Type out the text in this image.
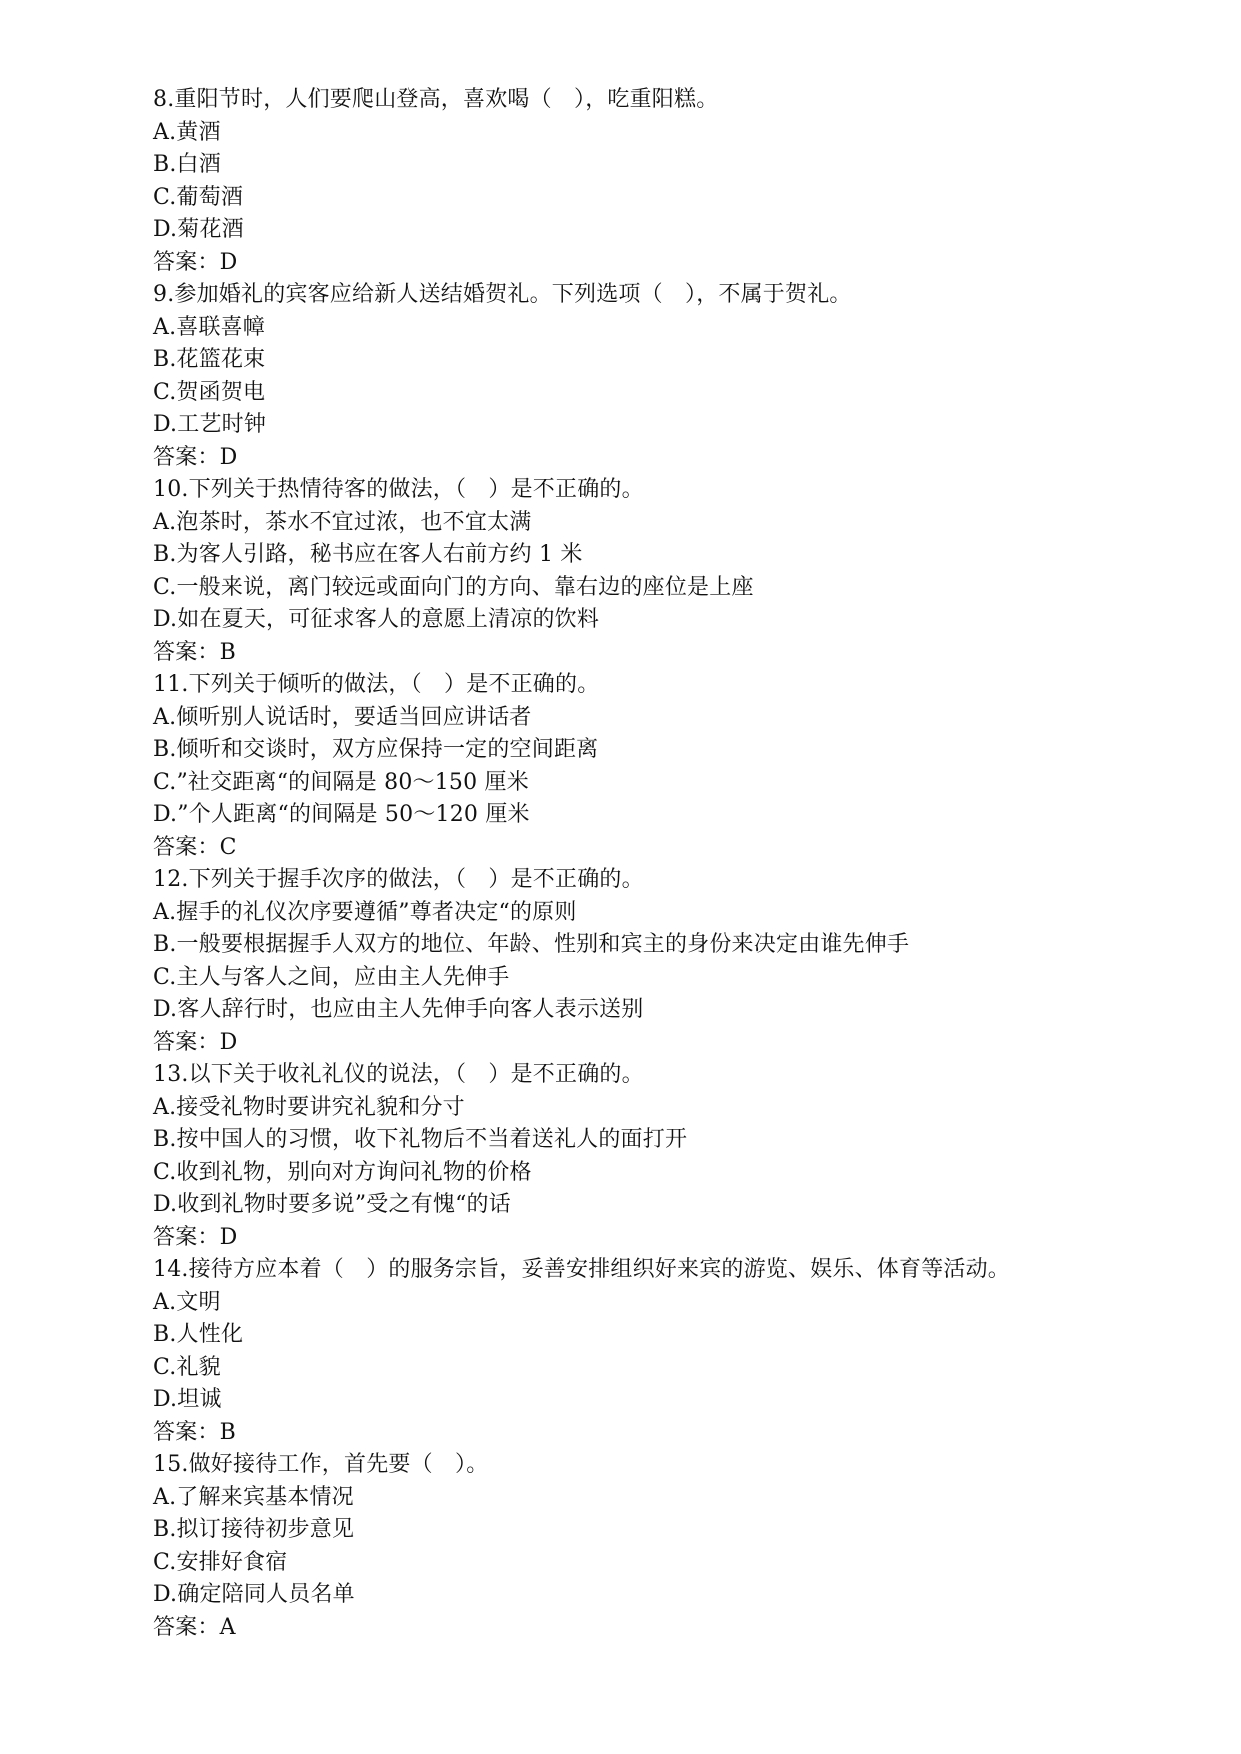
8.重阳节时，人们要爬山登高，喜欢喝（　），吃重阳糕。
A.黄酒
B.白酒
C.葡萄酒
D.菊花酒
答案：D
9.参加婚礼的宾客应给新人送结婚贺礼。下列选项（　），不属于贺礼。
A.喜联喜幛
B.花篮花束
C.贺函贺电
D.工艺时钟
答案：D
10.下列关于热情待客的做法，（　）是不正确的。
A.泡茶时，茶水不宜过浓，也不宜太满
B.为客人引路，秘书应在客人右前方约 1 米
C.一般来说，离门较远或面向门的方向、靠右边的座位是上座
D.如在夏天，可征求客人的意愿上清凉的饮料
答案：B
11.下列关于倾听的做法，（　）是不正确的。
A.倾听别人说话时，要适当回应讲话者
B.倾听和交谈时，双方应保持一定的空间距离
C.”社交距离“的间隔是 80～150 厘米
D.”个人距离“的间隔是 50～120 厘米
答案：C
12.下列关于握手次序的做法，（　）是不正确的。
A.握手的礼仪次序要遵循”尊者决定“的原则
B.一般要根据握手人双方的地位、年龄、性别和宾主的身份来决定由谁先伸手
C.主人与客人之间，应由主人先伸手
D.客人辞行时，也应由主人先伸手向客人表示送别
答案：D
13.以下关于收礼礼仪的说法，（　）是不正确的。
A.接受礼物时要讲究礼貌和分寸
B.按中国人的习惯，收下礼物后不当着送礼人的面打开
C.收到礼物，别向对方询问礼物的价格
D.收到礼物时要多说”受之有愧“的话
答案：D
14.接待方应本着（　）的服务宗旨，妥善安排组织好来宾的游览、娱乐、体育等活动。
A.文明
B.人性化
C.礼貌
D.坦诚
答案：B
15.做好接待工作，首先要（　）。
A.了解来宾基本情况
B.拟订接待初步意见
C.安排好食宿
D.确定陪同人员名单
答案：A
